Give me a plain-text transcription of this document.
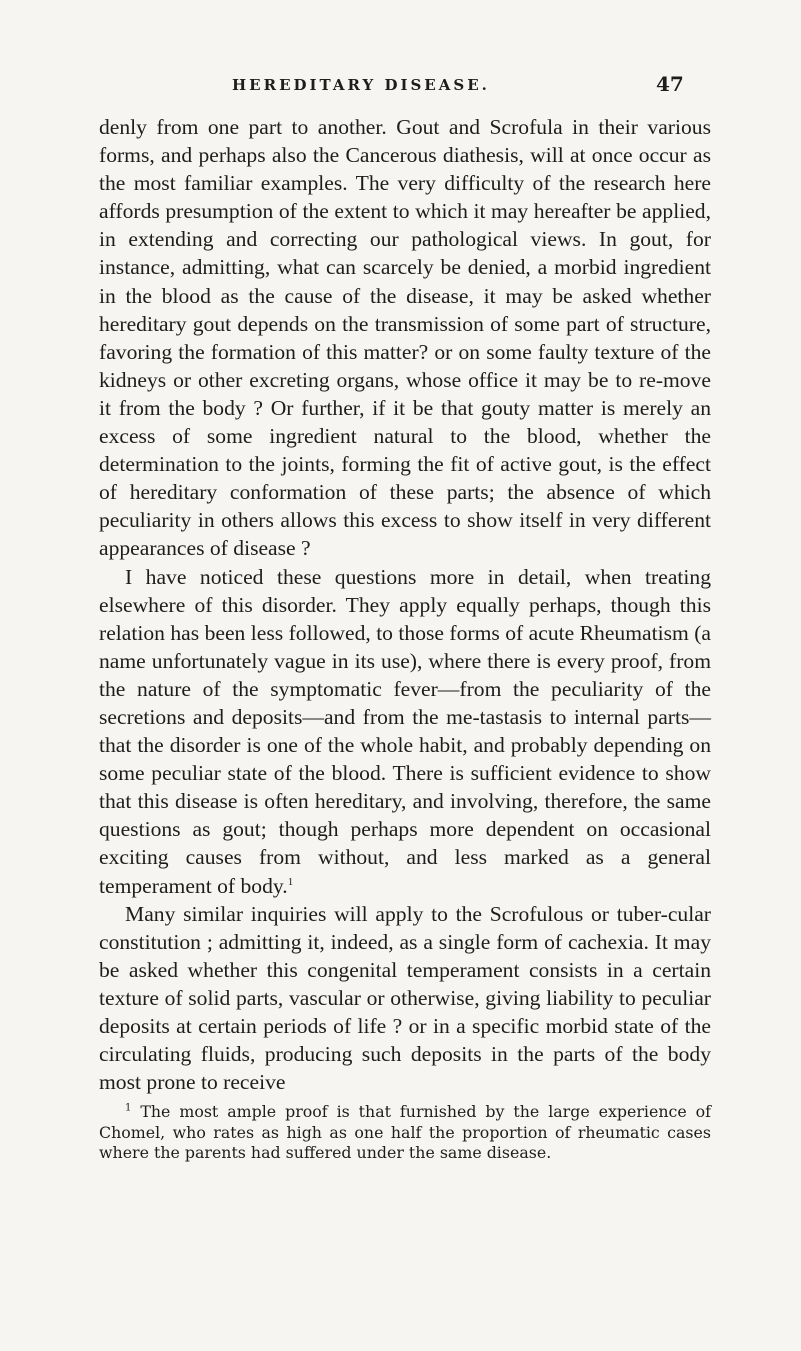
HEREDITARY DISEASE.	47

denly from one part to another. Gout and Scrofula in their various forms, and perhaps also the Cancerous diathesis, will at once occur as the most familiar examples. The very difficulty of the research here affords presumption of the extent to which it may hereafter be applied, in extending and correcting our pathological views. In gout, for instance, admitting, what can scarcely be denied, a morbid ingredient in the blood as the cause of the disease, it may be asked whether hereditary gout depends on the transmission of some part of structure, favoring the formation of this matter? or on some faulty texture of the kidneys or other excreting organs, whose office it may be to re-move it from the body ? Or further, if it be that gouty matter is merely an excess of some ingredient natural to the blood, whether the determination to the joints, forming the fit of active gout, is the effect of hereditary conformation of these parts; the absence of which peculiarity in others allows this excess to show itself in very different appearances of disease ?

I have noticed these questions more in detail, when treating elsewhere of this disorder. They apply equally perhaps, though this relation has been less followed, to those forms of acute Rheumatism (a name unfortunately vague in its use), where there is every proof, from the nature of the symptomatic fever—from the peculiarity of the secretions and deposits—and from the me-tastasis to internal parts—that the disorder is one of the whole habit, and probably depending on some peculiar state of the blood. There is sufficient evidence to show that this disease is often hereditary, and involving, therefore, the same questions as gout; though perhaps more dependent on occasional exciting causes from without, and less marked as a general temperament of body.$^1$

Many similar inquiries will apply to the Scrofulous or tuber-cular constitution ; admitting it, indeed, as a single form of cachexia. It may be asked whether this congenital temperament consists in a certain texture of solid parts, vascular or otherwise, giving liability to peculiar deposits at certain periods of life ? or in a specific morbid state of the circulating fluids, producing such deposits in the parts of the body most prone to receive

$^1$ The most ample proof is that furnished by the large experience of Chomel, who rates as high as one half the proportion of rheumatic cases where the parents had suffered under the same disease.
